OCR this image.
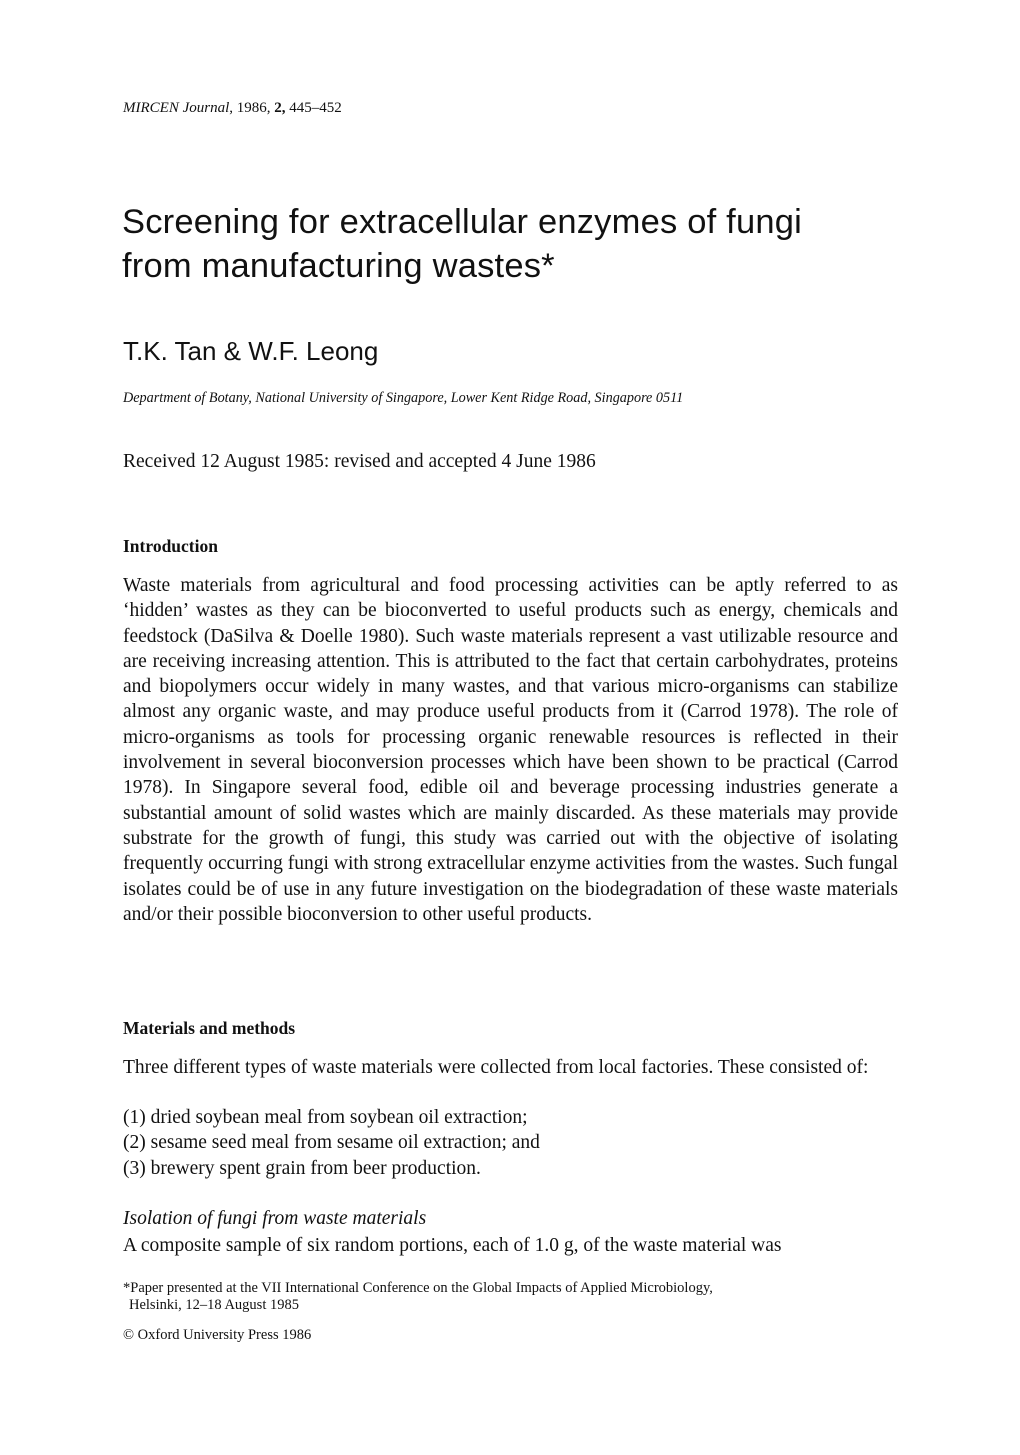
MIRCEN Journal, 1986, 2, 445–452
Screening for extracellular enzymes of fungi
from manufacturing wastes*
T.K. Tan & W.F. Leong
Department of Botany, National University of Singapore, Lower Kent Ridge Road, Singapore 0511
Received 12 August 1985: revised and accepted 4 June 1986
Introduction

Waste materials from agricultural and food processing activities can be aptly referred to as ‘hidden’ wastes as they can be bioconverted to useful products such as energy, chemicals and feedstock (DaSilva & Doelle 1980). Such waste materials represent a vast utilizable resource and are receiving increasing attention. This is attributed to the fact that certain carbohydrates, proteins and biopolymers occur widely in many wastes, and that various micro-organisms can stabilize almost any organic waste, and may produce useful products from it (Carrod 1978). The role of micro-organisms as tools for processing organic renewable resources is reflected in their involvement in several bioconversion processes which have been shown to be practical (Carrod 1978). In Singapore several food, edible oil and beverage processing industries generate a substantial amount of solid wastes which are mainly discarded. As these materials may provide substrate for the growth of fungi, this study was carried out with the objective of isolating frequently occurring fungi with strong extracellular enzyme activities from the wastes. Such fungal isolates could be of use in any future investigation on the biodegradation of these waste materials and/or their possible bioconversion to other useful products.

Materials and methods

Three different types of waste materials were collected from local factories. These consisted of:

(1) dried soybean meal from soybean oil extraction;
(2) sesame seed meal from sesame oil extraction; and
(3) brewery spent grain from beer production.
Isolation of fungi from waste materials

A composite sample of six random portions, each of 1.0 g, of the waste material was

*Paper presented at the VII International Conference on the Global Impacts of Applied Microbiology,
Helsinki, 12–18 August 1985
© Oxford University Press 1986
